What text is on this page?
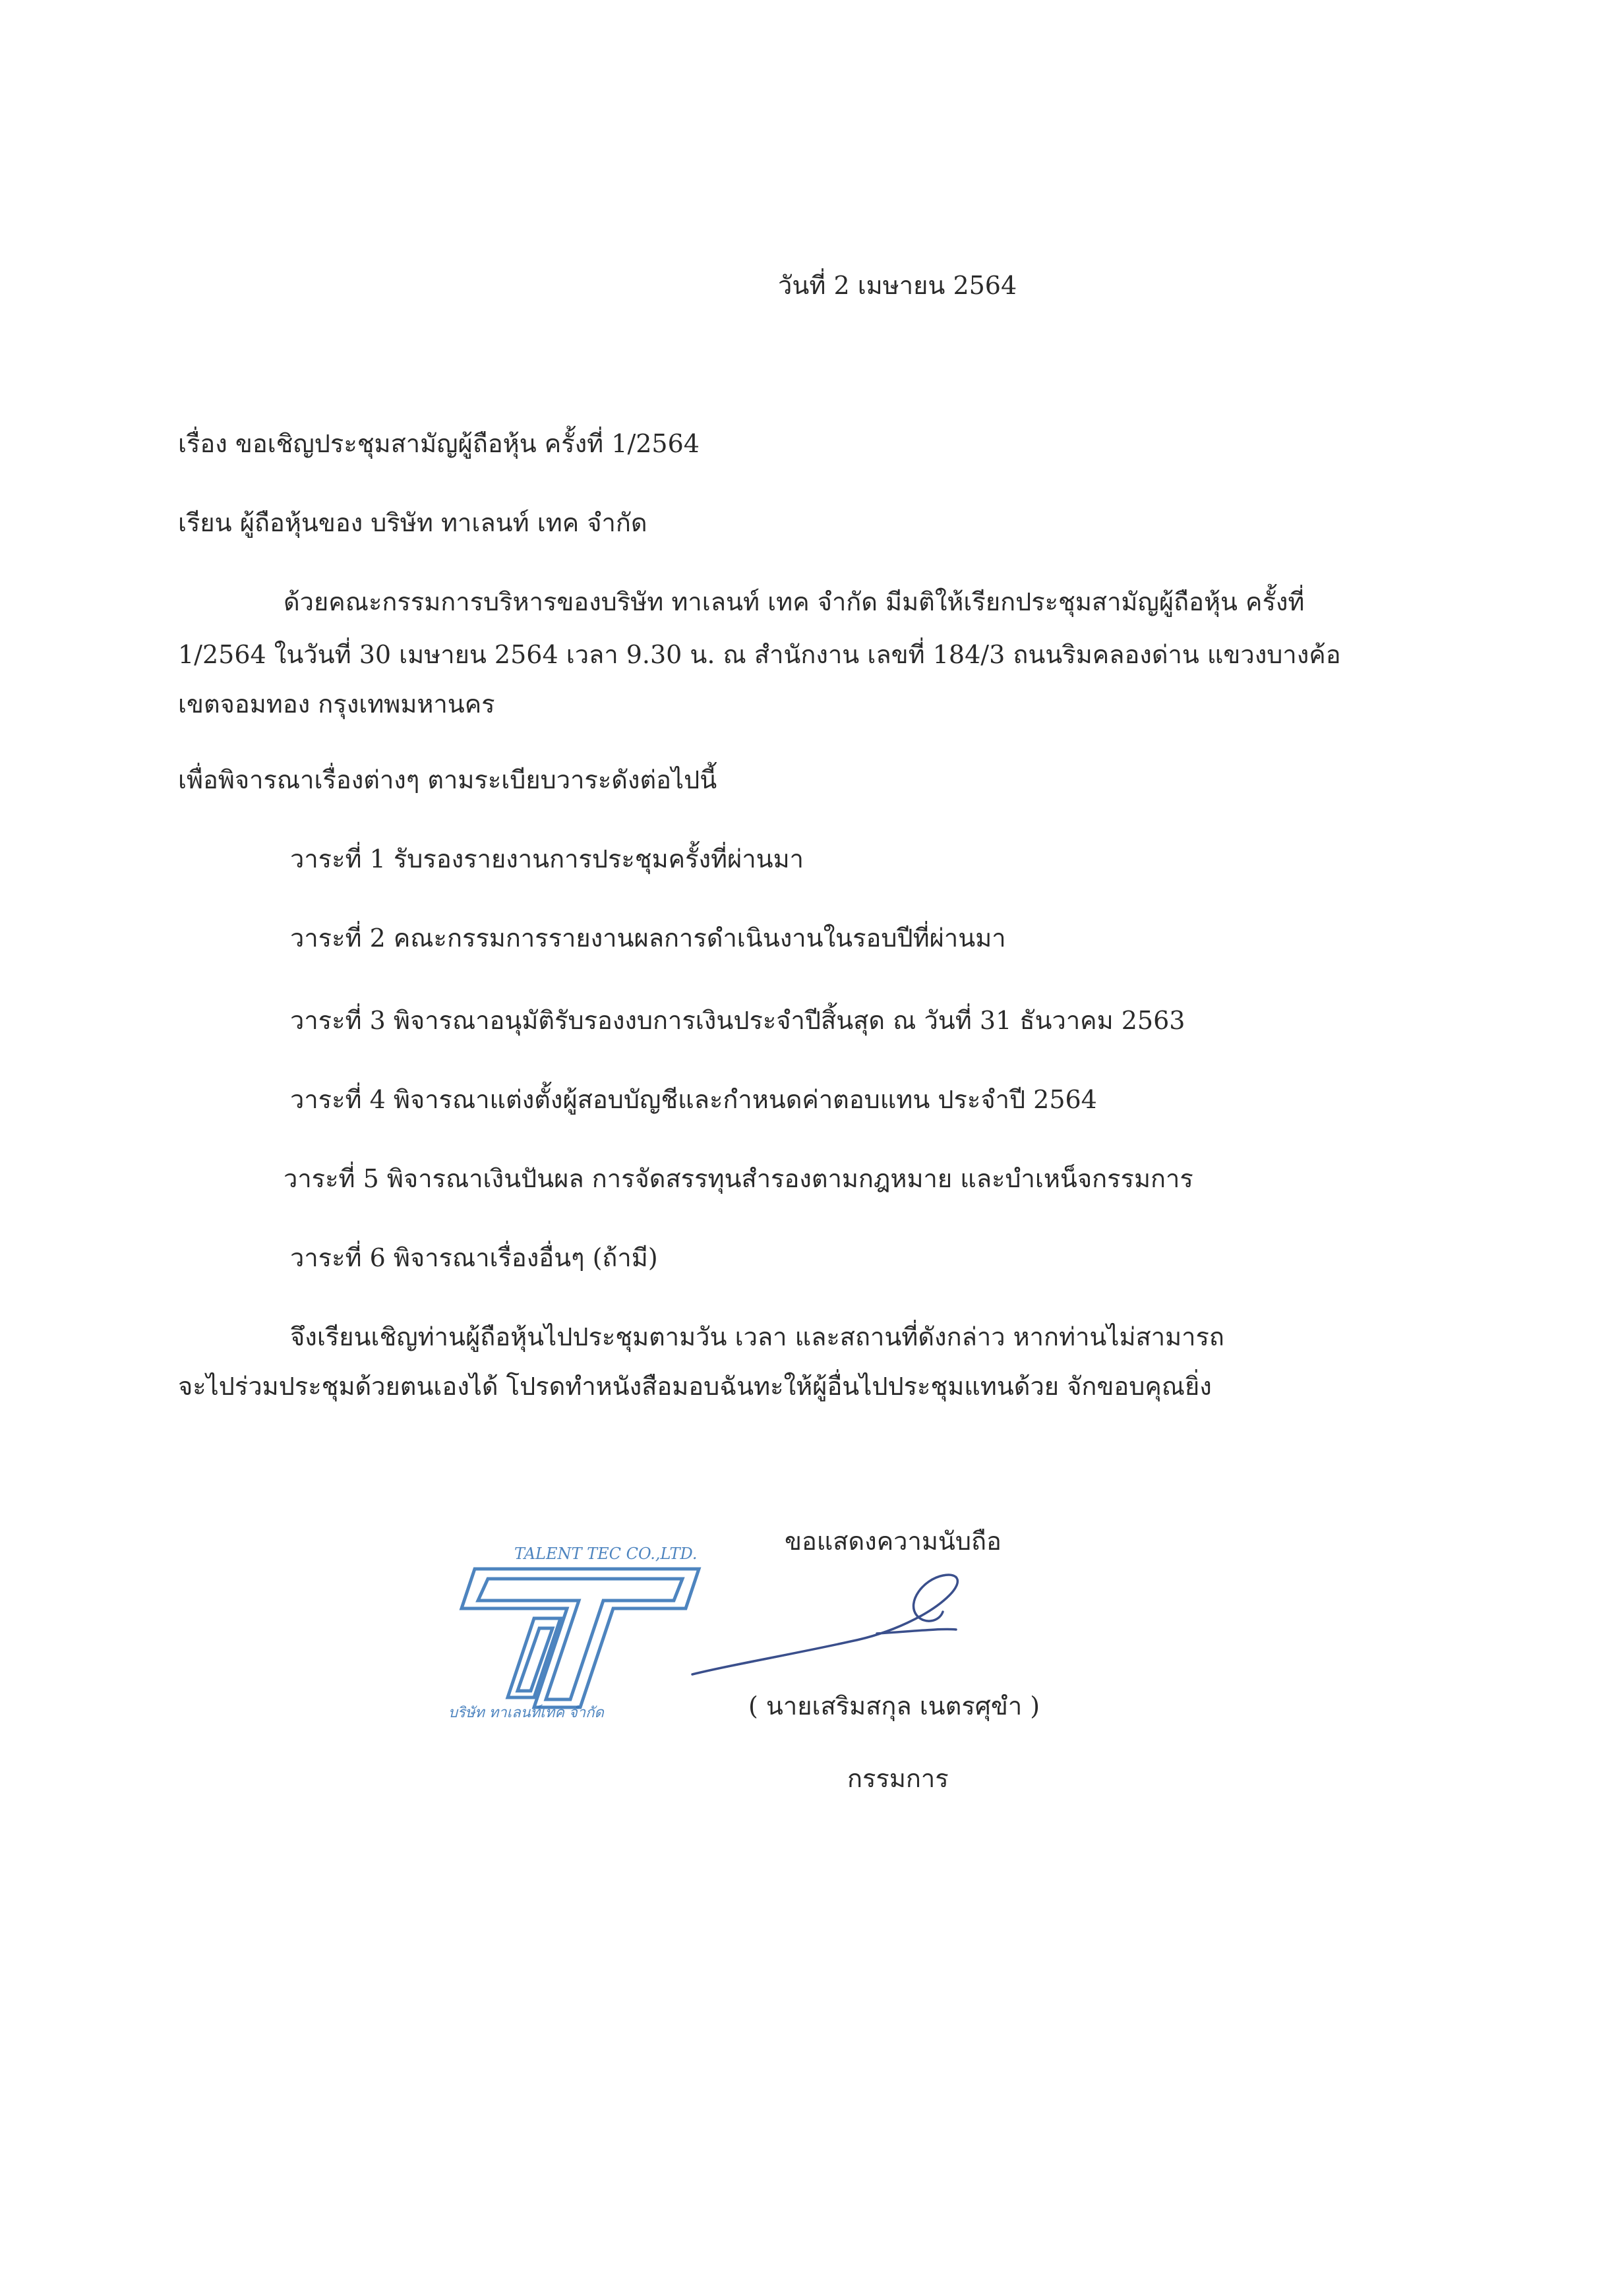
วันที่ 2 เมษายน 2564
เรื่อง ขอเชิญประชุมสามัญผู้ถือหุ้น ครั้งที่ 1/2564
เรียน ผู้ถือหุ้นของ บริษัท ทาเลนท์ เทค จำกัด
ด้วยคณะกรรมการบริหารของบริษัท ทาเลนท์ เทค จำกัด มีมติให้เรียกประชุมสามัญผู้ถือหุ้น ครั้งที่
1/2564 ในวันที่ 30 เมษายน 2564 เวลา 9.30 น. ณ สำนักงาน เลขที่ 184/3 ถนนริมคลองด่าน แขวงบางค้อ
เขตจอมทอง กรุงเทพมหานคร
เพื่อพิจารณาเรื่องต่างๆ ตามระเบียบวาระดังต่อไปนี้
วาระที่ 1 รับรองรายงานการประชุมครั้งที่ผ่านมา
วาระที่ 2 คณะกรรมการรายงานผลการดำเนินงานในรอบปีที่ผ่านมา
วาระที่ 3 พิจารณาอนุมัติรับรองงบการเงินประจำปีสิ้นสุด ณ วันที่ 31 ธันวาคม 2563
วาระที่ 4 พิจารณาแต่งตั้งผู้สอบบัญชีและกำหนดค่าตอบแทน ประจำปี 2564
วาระที่ 5 พิจารณาเงินปันผล การจัดสรรทุนสำรองตามกฎหมาย และบำเหน็จกรรมการ
วาระที่ 6 พิจารณาเรื่องอื่นๆ (ถ้ามี)
จึงเรียนเชิญท่านผู้ถือหุ้นไปประชุมตามวัน เวลา และสถานที่ดังกล่าว หากท่านไม่สามารถ
จะไปร่วมประชุมด้วยตนเองได้ โปรดทำหนังสือมอบฉันทะให้ผู้อื่นไปประชุมแทนด้วย จักขอบคุณยิ่ง
ขอแสดงความนับถือ
TALENT TEC CO.,LTD.
บริษัท ทาเลนท์เทค จำกัด	( นายเสริมสกุล เนตรศุขำ )
กรรมการ
